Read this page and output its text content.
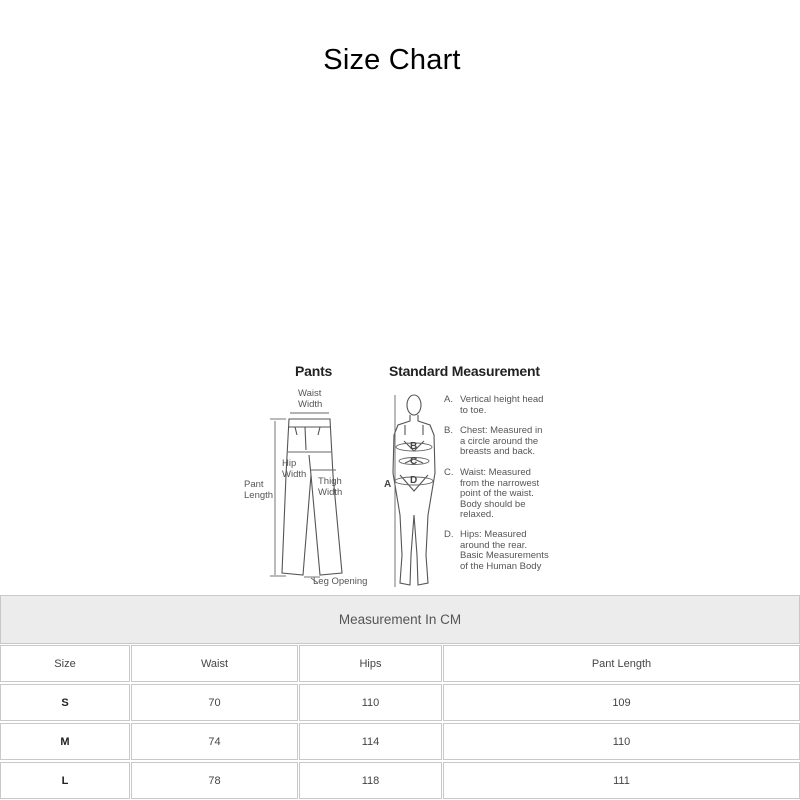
Size Chart
Pants	Standard Measurement
Waist
Width
Hip
Width
Thigh
Width
Pant
Length
Leg Opening
A
B
C
D
A. Vertical height head
to toe.
B. Chest: Measured in
a circle around the
breasts and back.
C. Waist: Measured
from the narrowest
point of the waist.
Body should be
relaxed.
D. Hips: Measured
around the rear.
Basic Measurements
of the Human Body
Measurement In CM
Size	Waist	Hips	Pant Length
S	70	110	109
M	74	114	110
L	78	118	111
